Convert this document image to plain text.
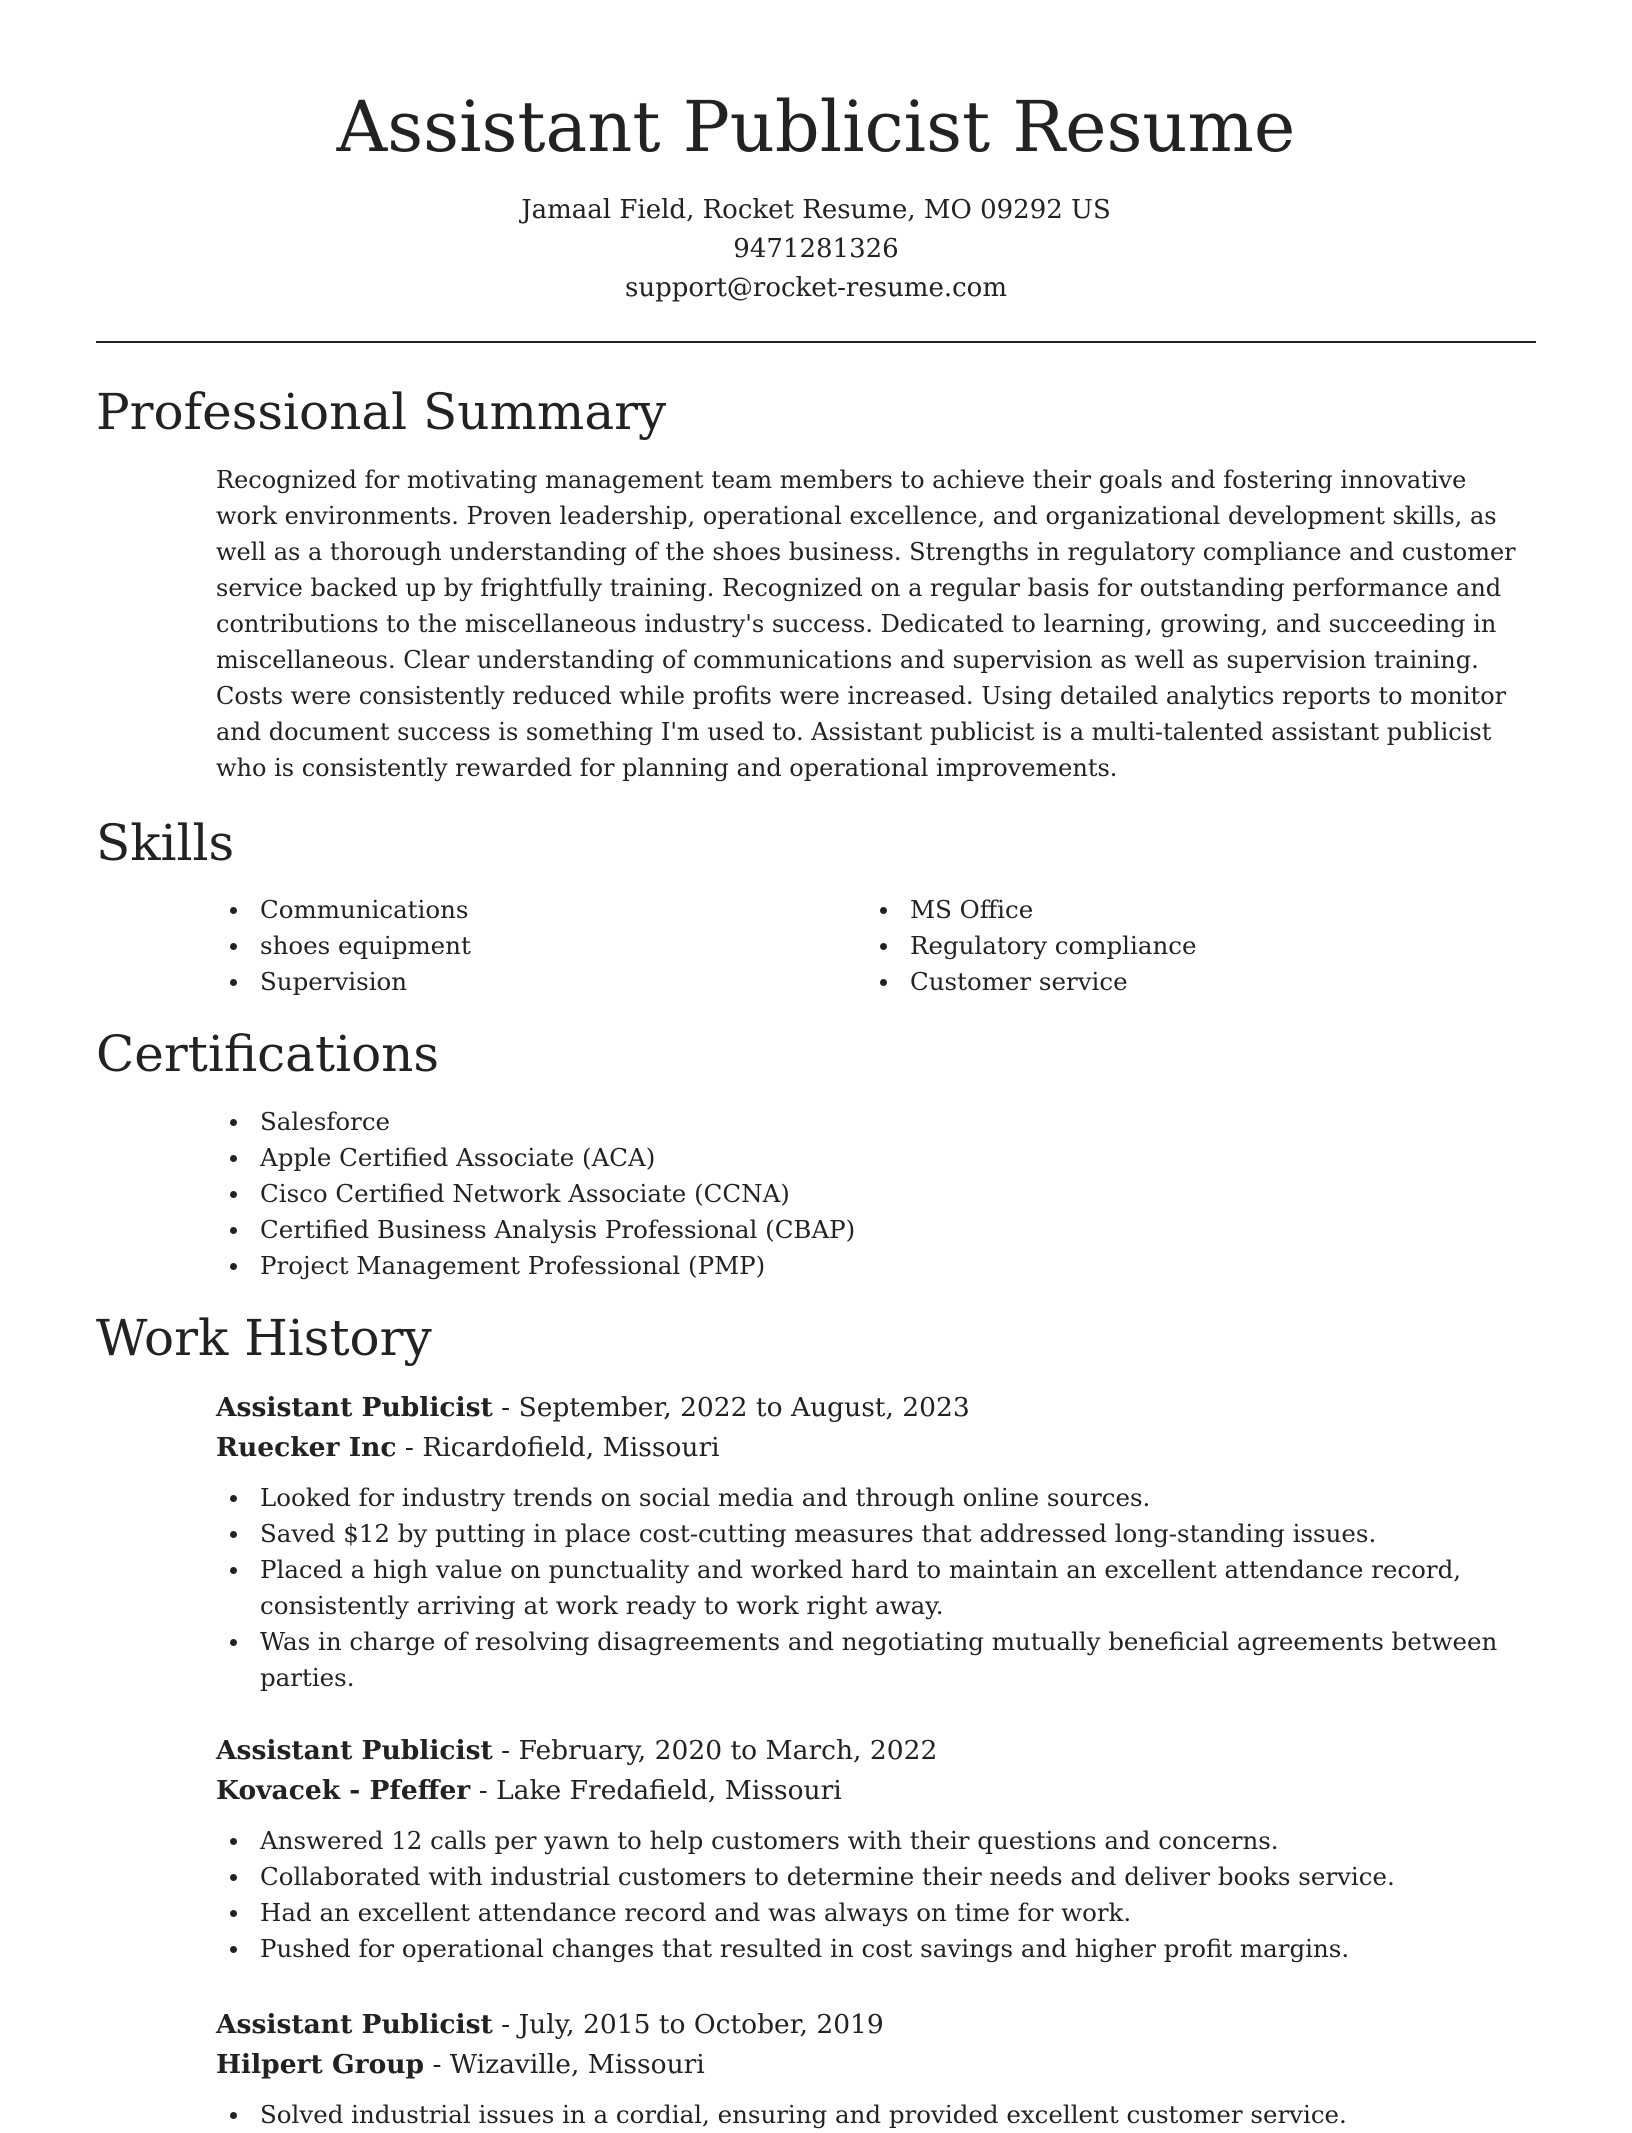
Assistant Publicist Resume
Jamaal Field, Rocket Resume, MO 09292 US
9471281326
support@rocket-resume.com
Professional Summary

Recognized for motivating management team members to achieve their goals and fostering innovative work environments. Proven leadership, operational excellence, and organizational development skills, as well as a thorough understanding of the shoes business. Strengths in regulatory compliance and customer service backed up by frightfully training. Recognized on a regular basis for outstanding performance and contributions to the miscellaneous industry's success. Dedicated to learning, growing, and succeeding in miscellaneous. Clear understanding of communications and supervision as well as supervision training. Costs were consistently reduced while profits were increased. Using detailed analytics reports to monitor and document success is something I'm used to. Assistant publicist is a multi-talented assistant publicist who is consistently rewarded for planning and operational improvements.

Skills
Communications
shoes equipment
Supervision
MS Office
Regulatory compliance
Customer service
Certifications
Salesforce
Apple Certified Associate (ACA)
Cisco Certified Network Associate (CCNA)
Certified Business Analysis Professional (CBAP)
Project Management Professional (PMP)
Work History
Assistant Publicist - September, 2022 to August, 2023
Ruecker Inc - Ricardofield, Missouri
Looked for industry trends on social media and through online sources.
Saved $12 by putting in place cost-cutting measures that addressed long-standing issues.
Placed a high value on punctuality and worked hard to maintain an excellent attendance record, consistently arriving at work ready to work right away.
Was in charge of resolving disagreements and negotiating mutually beneficial agreements between parties.
Assistant Publicist - February, 2020 to March, 2022
Kovacek - Pfeffer - Lake Fredafield, Missouri
Answered 12 calls per yawn to help customers with their questions and concerns.
Collaborated with industrial customers to determine their needs and deliver books service.
Had an excellent attendance record and was always on time for work.
Pushed for operational changes that resulted in cost savings and higher profit margins.
Assistant Publicist - July, 2015 to October, 2019
Hilpert Group - Wizaville, Missouri
Solved industrial issues in a cordial, ensuring and provided excellent customer service.
